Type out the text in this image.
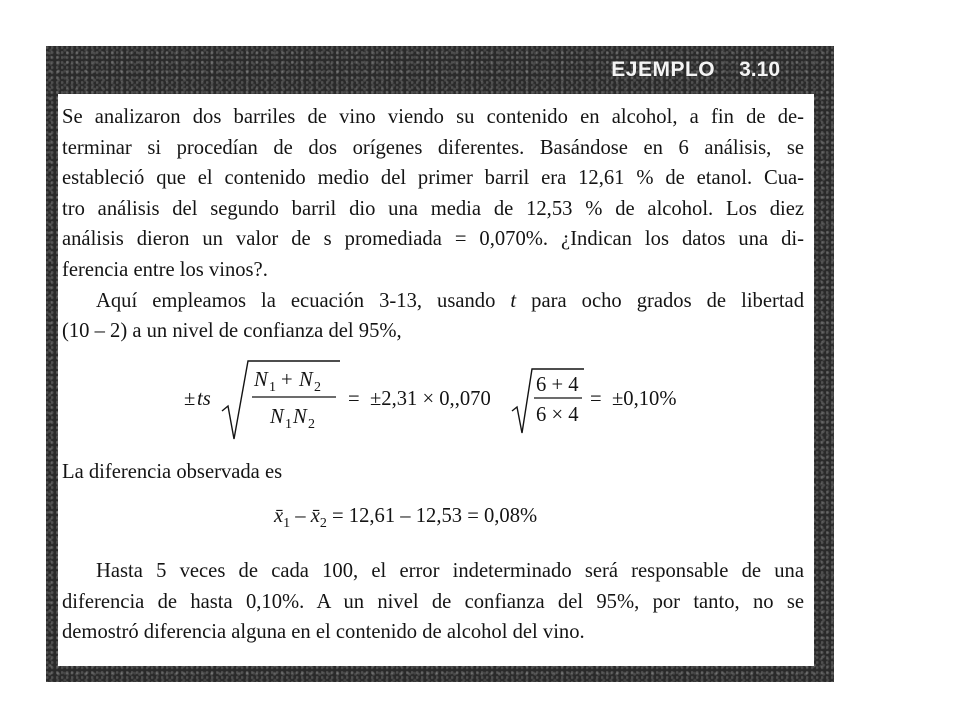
EJEMPLO 3.10
Se analizaron dos barriles de vino viendo su contenido en alcohol, a fin de de-
terminar si procedían de dos orígenes diferentes. Basándose en 6 análisis, se
estableció que el contenido medio del primer barril era 12,61 % de etanol. Cua-
tro análisis del segundo barril dio una media de 12,53 % de alcohol. Los diez
análisis dieron un valor de s promediada = 0,070%. ¿Indican los datos una di-
ferencia entre los vinos?.
Aquí empleamos la ecuación 3-13, usando t para ocho grados de libertad
(10 – 2) a un nivel de confianza del 95%,
± ts
N 1 + N 2
N 1 N 2
= ±2,31 × 0,,070
6 + 4
6 × 4
= ±0,10%
La diferencia observada es
$x̄_1$ – $x̄_2 = 12,61 - 12,53 = 0,08\%$
Hasta 5 veces de cada 100, el error indeterminado será responsable de una
diferencia de hasta 0,10%. A un nivel de confianza del 95%, por tanto, no se
demostró diferencia alguna en el contenido de alcohol del vino.
